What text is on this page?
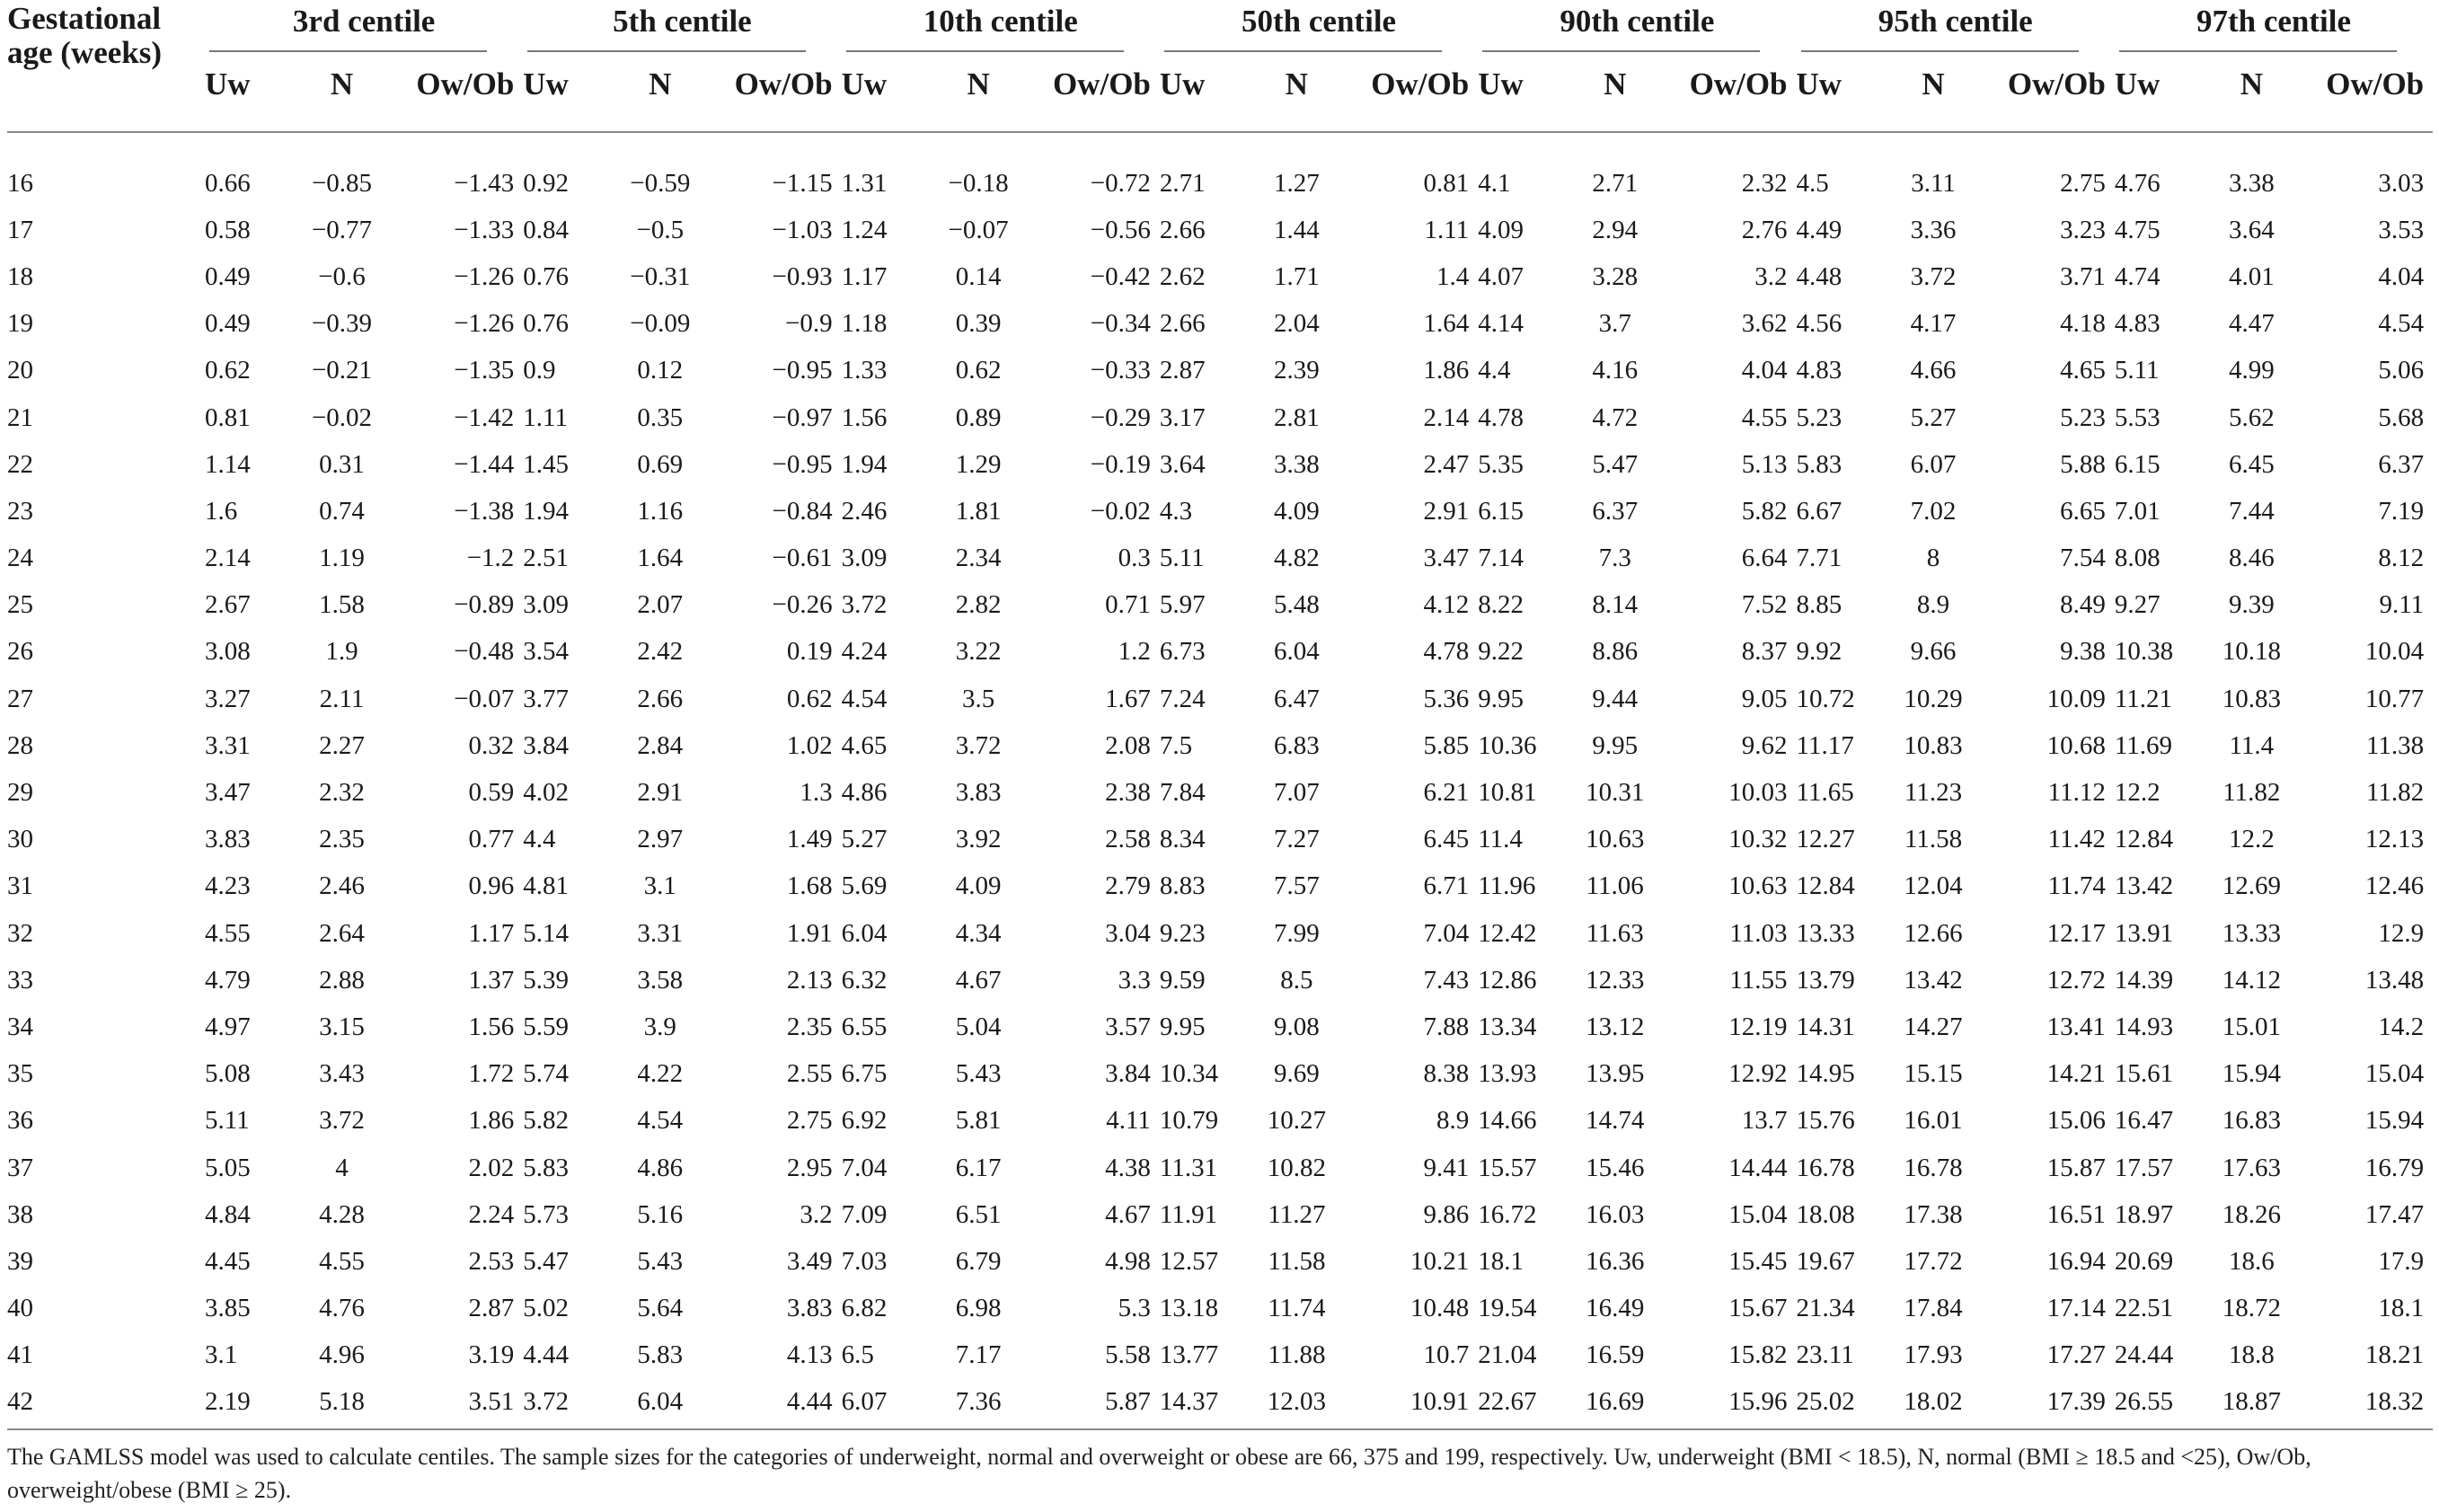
Gestational age (weeks)	3rd centile			5th centile			10th centile			50th centile			90th centile			95th centile			97th centile		
	Uw	N	Ow/Ob	Uw	N	Ow/Ob	Uw	N	Ow/Ob	Uw	N	Ow/Ob	Uw	N	Ow/Ob	Uw	N	Ow/Ob	Uw	N	Ow/Ob

16	0.66	−0.85	−1.43	0.92	−0.59	−1.15	1.31	−0.18	−0.72	2.71	1.27	0.81	4.1	2.71	2.32	4.5	3.11	2.75	4.76	3.38	3.03
17	0.58	−0.77	−1.33	0.84	−0.5	−1.03	1.24	−0.07	−0.56	2.66	1.44	1.11	4.09	2.94	2.76	4.49	3.36	3.23	4.75	3.64	3.53
18	0.49	−0.6	−1.26	0.76	−0.31	−0.93	1.17	0.14	−0.42	2.62	1.71	1.4	4.07	3.28	3.2	4.48	3.72	3.71	4.74	4.01	4.04
19	0.49	−0.39	−1.26	0.76	−0.09	−0.9	1.18	0.39	−0.34	2.66	2.04	1.64	4.14	3.7	3.62	4.56	4.17	4.18	4.83	4.47	4.54
20	0.62	−0.21	−1.35	0.9	0.12	−0.95	1.33	0.62	−0.33	2.87	2.39	1.86	4.4	4.16	4.04	4.83	4.66	4.65	5.11	4.99	5.06
21	0.81	−0.02	−1.42	1.11	0.35	−0.97	1.56	0.89	−0.29	3.17	2.81	2.14	4.78	4.72	4.55	5.23	5.27	5.23	5.53	5.62	5.68
22	1.14	0.31	−1.44	1.45	0.69	−0.95	1.94	1.29	−0.19	3.64	3.38	2.47	5.35	5.47	5.13	5.83	6.07	5.88	6.15	6.45	6.37
23	1.6	0.74	−1.38	1.94	1.16	−0.84	2.46	1.81	−0.02	4.3	4.09	2.91	6.15	6.37	5.82	6.67	7.02	6.65	7.01	7.44	7.19
24	2.14	1.19	−1.2	2.51	1.64	−0.61	3.09	2.34	0.3	5.11	4.82	3.47	7.14	7.3	6.64	7.71	8	7.54	8.08	8.46	8.12
25	2.67	1.58	−0.89	3.09	2.07	−0.26	3.72	2.82	0.71	5.97	5.48	4.12	8.22	8.14	7.52	8.85	8.9	8.49	9.27	9.39	9.11
26	3.08	1.9	−0.48	3.54	2.42	0.19	4.24	3.22	1.2	6.73	6.04	4.78	9.22	8.86	8.37	9.92	9.66	9.38	10.38	10.18	10.04
27	3.27	2.11	−0.07	3.77	2.66	0.62	4.54	3.5	1.67	7.24	6.47	5.36	9.95	9.44	9.05	10.72	10.29	10.09	11.21	10.83	10.77
28	3.31	2.27	0.32	3.84	2.84	1.02	4.65	3.72	2.08	7.5	6.83	5.85	10.36	9.95	9.62	11.17	10.83	10.68	11.69	11.4	11.38
29	3.47	2.32	0.59	4.02	2.91	1.3	4.86	3.83	2.38	7.84	7.07	6.21	10.81	10.31	10.03	11.65	11.23	11.12	12.2	11.82	11.82
30	3.83	2.35	0.77	4.4	2.97	1.49	5.27	3.92	2.58	8.34	7.27	6.45	11.4	10.63	10.32	12.27	11.58	11.42	12.84	12.2	12.13
31	4.23	2.46	0.96	4.81	3.1	1.68	5.69	4.09	2.79	8.83	7.57	6.71	11.96	11.06	10.63	12.84	12.04	11.74	13.42	12.69	12.46
32	4.55	2.64	1.17	5.14	3.31	1.91	6.04	4.34	3.04	9.23	7.99	7.04	12.42	11.63	11.03	13.33	12.66	12.17	13.91	13.33	12.9
33	4.79	2.88	1.37	5.39	3.58	2.13	6.32	4.67	3.3	9.59	8.5	7.43	12.86	12.33	11.55	13.79	13.42	12.72	14.39	14.12	13.48
34	4.97	3.15	1.56	5.59	3.9	2.35	6.55	5.04	3.57	9.95	9.08	7.88	13.34	13.12	12.19	14.31	14.27	13.41	14.93	15.01	14.2
35	5.08	3.43	1.72	5.74	4.22	2.55	6.75	5.43	3.84	10.34	9.69	8.38	13.93	13.95	12.92	14.95	15.15	14.21	15.61	15.94	15.04
36	5.11	3.72	1.86	5.82	4.54	2.75	6.92	5.81	4.11	10.79	10.27	8.9	14.66	14.74	13.7	15.76	16.01	15.06	16.47	16.83	15.94
37	5.05	4	2.02	5.83	4.86	2.95	7.04	6.17	4.38	11.31	10.82	9.41	15.57	15.46	14.44	16.78	16.78	15.87	17.57	17.63	16.79
38	4.84	4.28	2.24	5.73	5.16	3.2	7.09	6.51	4.67	11.91	11.27	9.86	16.72	16.03	15.04	18.08	17.38	16.51	18.97	18.26	17.47
39	4.45	4.55	2.53	5.47	5.43	3.49	7.03	6.79	4.98	12.57	11.58	10.21	18.1	16.36	15.45	19.67	17.72	16.94	20.69	18.6	17.9
40	3.85	4.76	2.87	5.02	5.64	3.83	6.82	6.98	5.3	13.18	11.74	10.48	19.54	16.49	15.67	21.34	17.84	17.14	22.51	18.72	18.1
41	3.1	4.96	3.19	4.44	5.83	4.13	6.5	7.17	5.58	13.77	11.88	10.7	21.04	16.59	15.82	23.11	17.93	17.27	24.44	18.8	18.21
42	2.19	5.18	3.51	3.72	6.04	4.44	6.07	7.36	5.87	14.37	12.03	10.91	22.67	16.69	15.96	25.02	18.02	17.39	26.55	18.87	18.32
The GAMLSS model was used to calculate centiles. The sample sizes for the categories of underweight, normal and overweight or obese are 66, 375 and 199, respectively. Uw, underweight (BMI < 18.5), N, normal (BMI ≥ 18.5 and <25), Ow/Ob, overweight/obese (BMI ≥ 25).
